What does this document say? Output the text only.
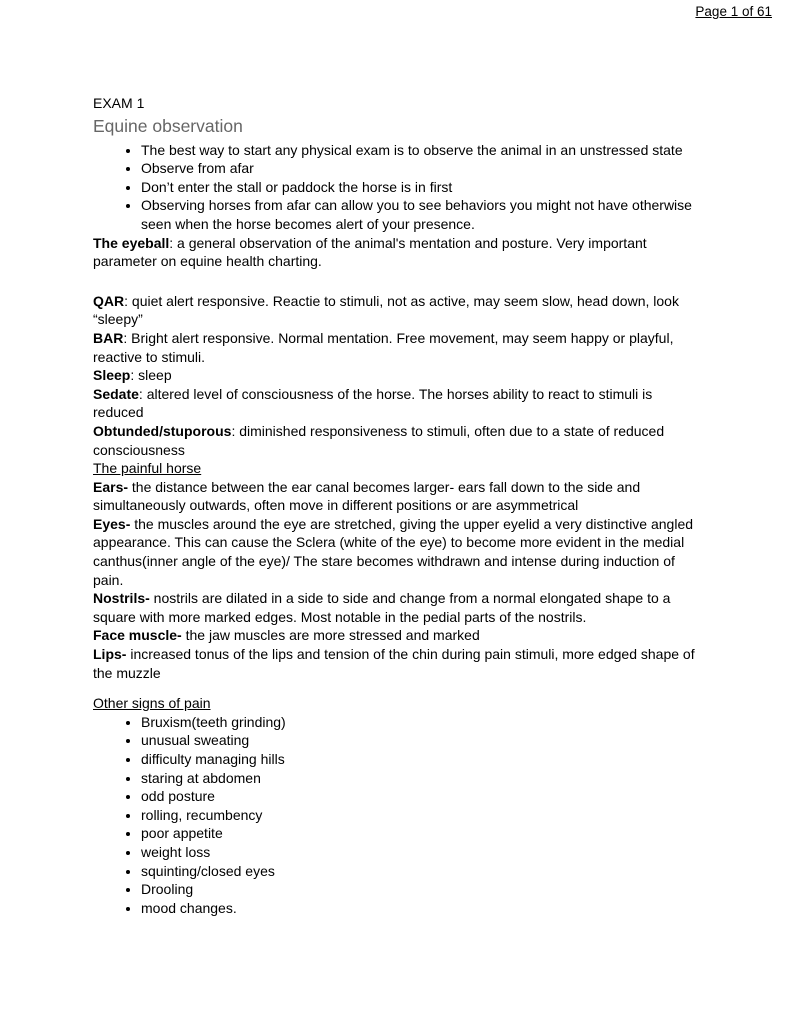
Page 1 of 61

EXAM 1

Equine observation
• The best way to start any physical exam is to observe the animal in an unstressed state
• Observe from afar
• Don’t enter the stall or paddock the horse is in first
• Observing horses from afar can allow you to see behaviors you might not have otherwise seen when the horse becomes alert of your presence.

The eyeball: a general observation of the animal's mentation and posture. Very important parameter on equine health charting.

QAR: quiet alert responsive. Reactie to stimuli, not as active, may seem slow, head down, look “sleepy”

BAR: Bright alert responsive. Normal mentation. Free movement, may seem happy or playful, reactive to stimuli.

Sleep: sleep

Sedate: altered level of consciousness of the horse. The horses ability to react to stimuli is reduced

Obtunded/stuporous: diminished responsiveness to stimuli, often due to a state of reduced consciousness

The painful horse

Ears- the distance between the ear canal becomes larger- ears fall down to the side and simultaneously outwards, often move in different positions or are asymmetrical

Eyes- the muscles around the eye are stretched, giving the upper eyelid a very distinctive angled appearance. This can cause the Sclera (white of the eye) to become more evident in the medial canthus(inner angle of the eye)/ The stare becomes withdrawn and intense during induction of pain.

Nostrils- nostrils are dilated in a side to side and change from a normal elongated shape to a square with more marked edges. Most notable in the pedial parts of the nostrils.

Face muscle- the jaw muscles are more stressed and marked

Lips- increased tonus of the lips and tension of the chin during pain stimuli, more edged shape of the muzzle

Other signs of pain

• Bruxism(teeth grinding)
• unusual sweating
• difficulty managing hills
• staring at abdomen
• odd posture
• rolling, recumbency
• poor appetite
• weight loss
• squinting/closed eyes
• Drooling
• mood changes.
